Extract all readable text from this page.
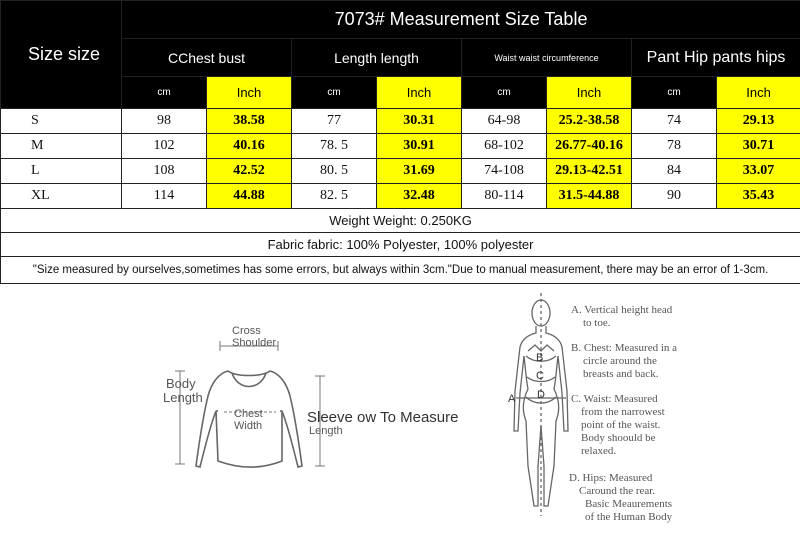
Size size	7073# Measurement Size Table							
	CChest bust		Length length		Waist waist circumference		Pant Hip pants hips	
	cm	Inch	cm	Inch	cm	Inch	cm	Inch
S	98	38.58	77	30.31	64-98	25.2-38.58	74	29.13
M	102	40.16	78. 5	30.91	68-102	26.77-40.16	78	30.71
L	108	42.52	80. 5	31.69	74-108	29.13-42.51	84	33.07
XL	114	44.88	82. 5	32.48	80-114	31.5-44.88	90	35.43
Weight Weight: 0.250KG								
Fabric fabric: 100% Polyester, 100% polyester								
"Size measured by ourselves,sometimes has some errors, but always within 3cm."Due to manual measurement, there may be an error of 1-3cm.								
Cross
Shoulder
Body
Length
Chest
Width	Sleeve ow To Measure
Length
B
C
D
A
A. Vertical height head
to toe.
B. Chest: Measured in a
circle around the
breasts and back.
C. Waist: Measured
from the narrowest
point of the waist.
Body shoould be
relaxed.
D. Hips: Measured
Caround the rear.
Basic Meaurements
of the Human Body
